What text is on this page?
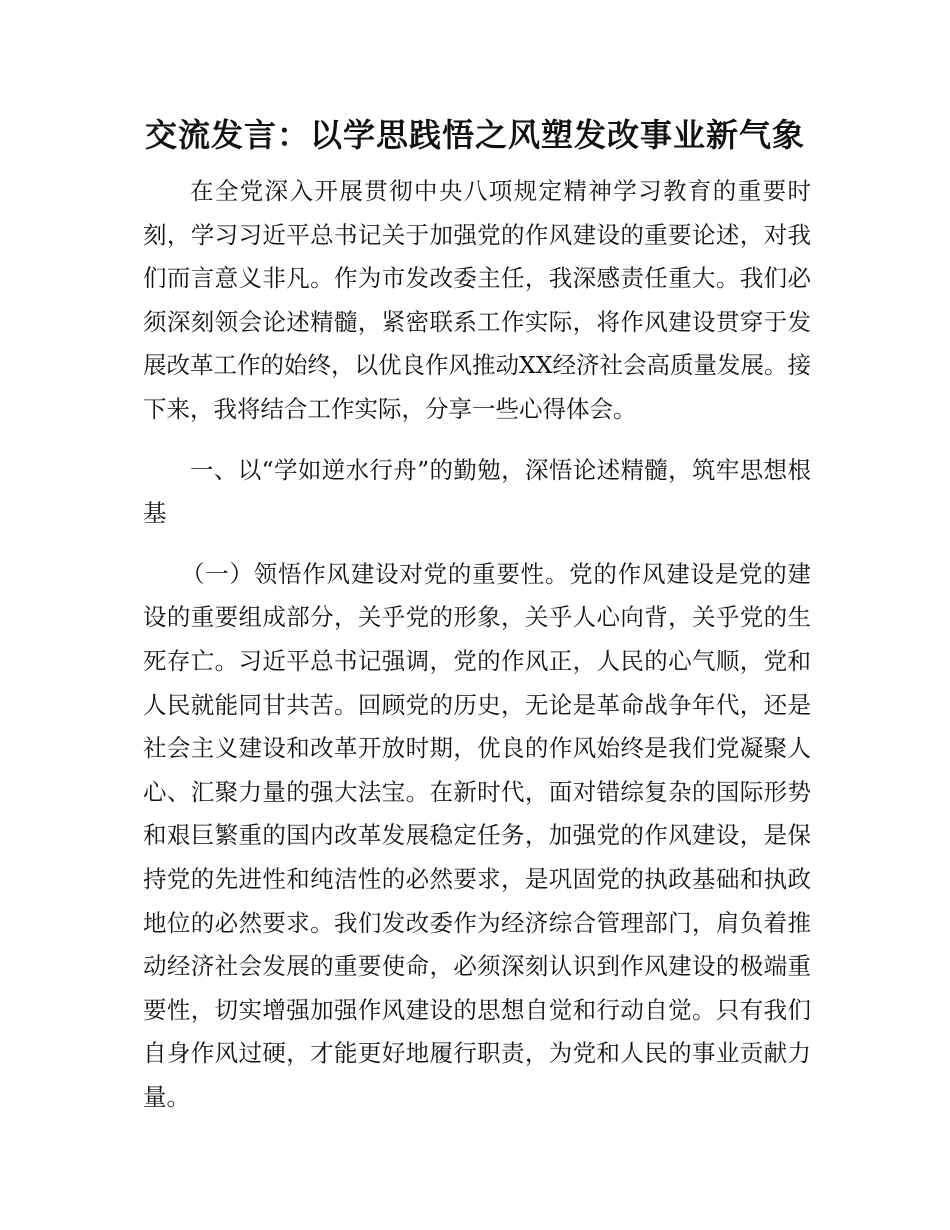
交流发言：以学思践悟之风塑发改事业新气象

在全党深入开展贯彻中央八项规定精神学习教育的重要时刻，学习习近平总书记关于加强党的作风建设的重要论述，对我们而言意义非凡。作为市发改委主任，我深感责任重大。我们必须深刻领会论述精髓，紧密联系工作实际，将作风建设贯穿于发展改革工作的始终，以优良作风推动XX经济社会高质量发展。接下来，我将结合工作实际，分享一些心得体会。

一、以“学如逆水行舟”的勤勉，深悟论述精髓，筑牢思想根基

（一）领悟作风建设对党的重要性。党的作风建设是党的建设的重要组成部分，关乎党的形象，关乎人心向背，关乎党的生死存亡。习近平总书记强调，党的作风正，人民的心气顺，党和人民就能同甘共苦。回顾党的历史，无论是革命战争年代，还是社会主义建设和改革开放时期，优良的作风始终是我们党凝聚人心、汇聚力量的强大法宝。在新时代，面对错综复杂的国际形势和艰巨繁重的国内改革发展稳定任务，加强党的作风建设，是保持党的先进性和纯洁性的必然要求，是巩固党的执政基础和执政地位的必然要求。我们发改委作为经济综合管理部门，肩负着推动经济社会发展的重要使命，必须深刻认识到作风建设的极端重要性，切实增强加强作风建设的思想自觉和行动自觉。只有我们自身作风过硬，才能更好地履行职责，为党和人民的事业贡献力量。
